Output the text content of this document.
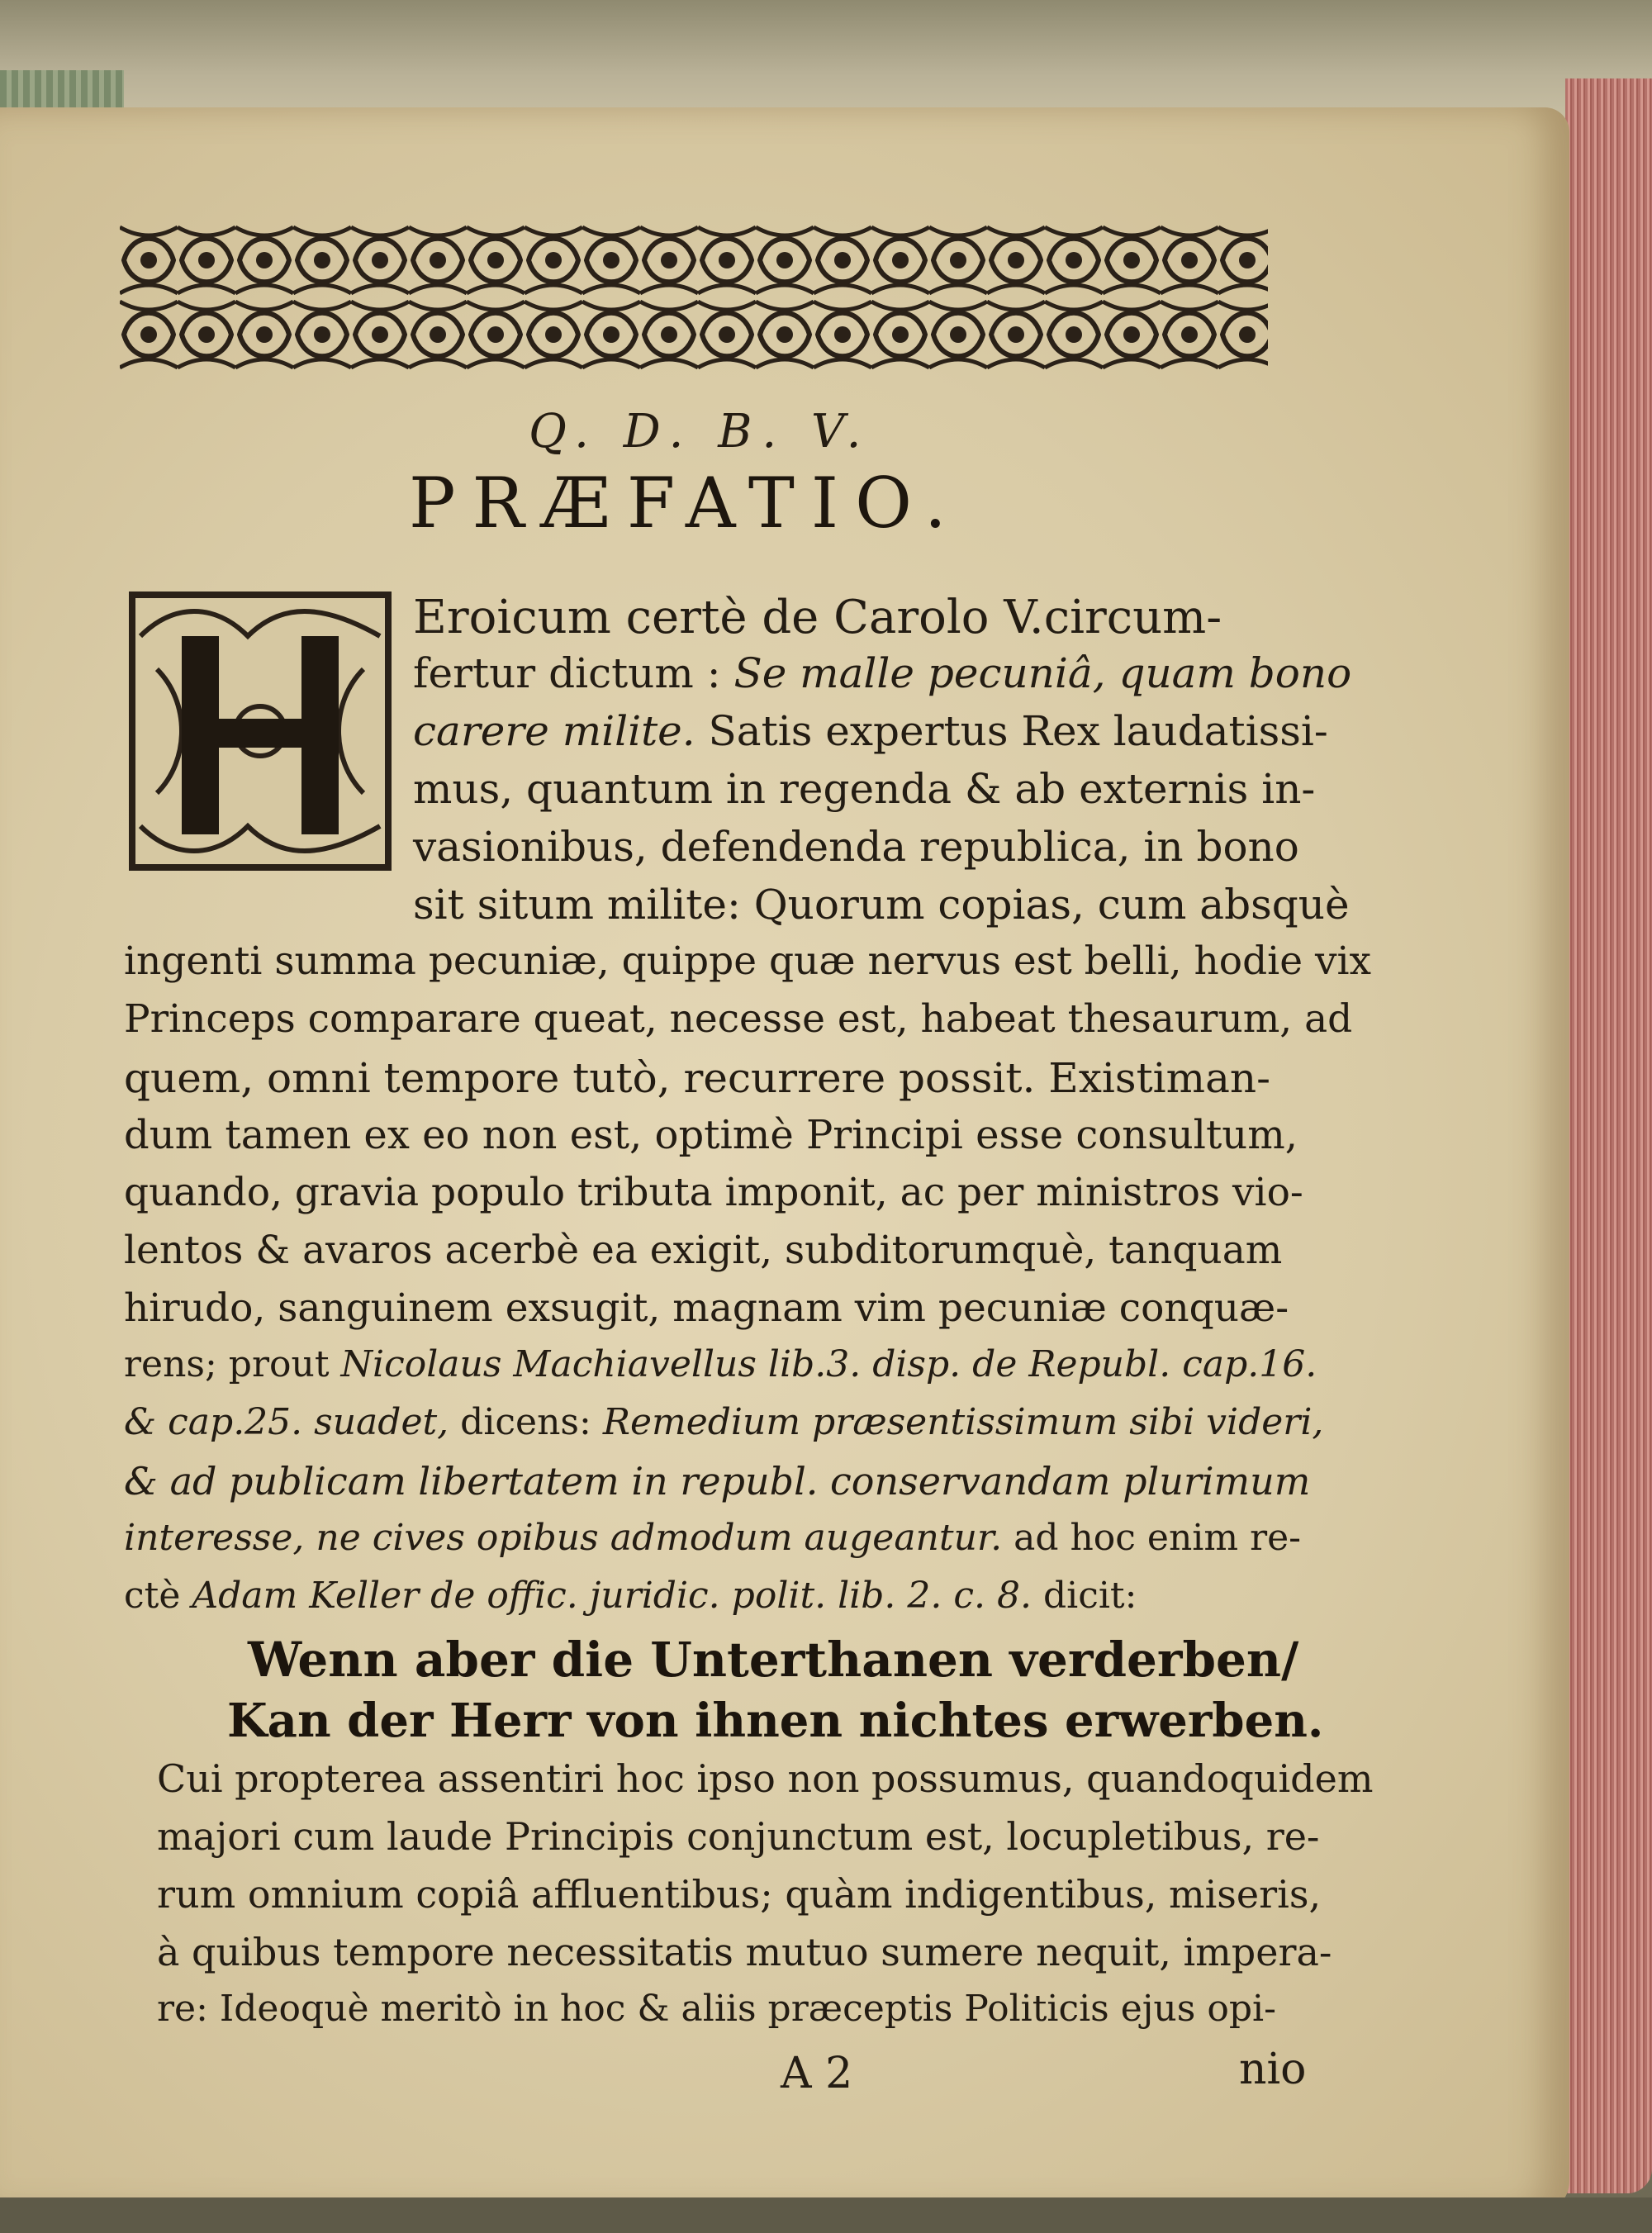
Q. D. B. V.
PRÆFATIO.
Eroicum certè de Carolo V.circum-
fertur dictum : Se malle pecuniâ, quam bono
carere milite. Satis expertus Rex laudatissi-
mus, quantum in regenda & ab externis in-
vasionibus, defendenda republica, in bono
sit situm milite: Quorum copias, cum absquè
ingenti summa pecuniæ, quippe quæ nervus est belli, hodie vix
Princeps comparare queat, necesse est, habeat thesaurum, ad
quem, omni tempore tutò, recurrere possit. Existiman-
dum tamen ex eo non est, optimè Principi esse consultum,
quando, gravia populo tributa imponit, ac per ministros vio-
lentos & avaros acerbè ea exigit, subditorumquè, tanquam
hirudo, sanguinem exsugit, magnam vim pecuniæ conquæ-
rens; prout Nicolaus Machiavellus lib.3. disp. de Republ. cap.16.
& cap.25. suadet, dicens: Remedium præsentissimum sibi videri,
& ad publicam libertatem in republ. conservandam plurimum
interesse, ne cives opibus admodum augeantur. ad hoc enim re-
ctè Adam Keller de offic. juridic. polit. lib. 2. c. 8. dicit:
Wenn aber die Unterthanen verderben/
Kan der Herr von ihnen nichtes erwerben.
Cui propterea assentiri hoc ipso non possumus, quandoquidem
majori cum laude Principis conjunctum est, locupletibus, re-
rum omnium copiâ affluentibus; quàm indigentibus, miseris,
à quibus tempore necessitatis mutuo sumere nequit, impera-
re: Ideoquè meritò in hoc & aliis præceptis Politicis ejus opi-
A 2	nio
